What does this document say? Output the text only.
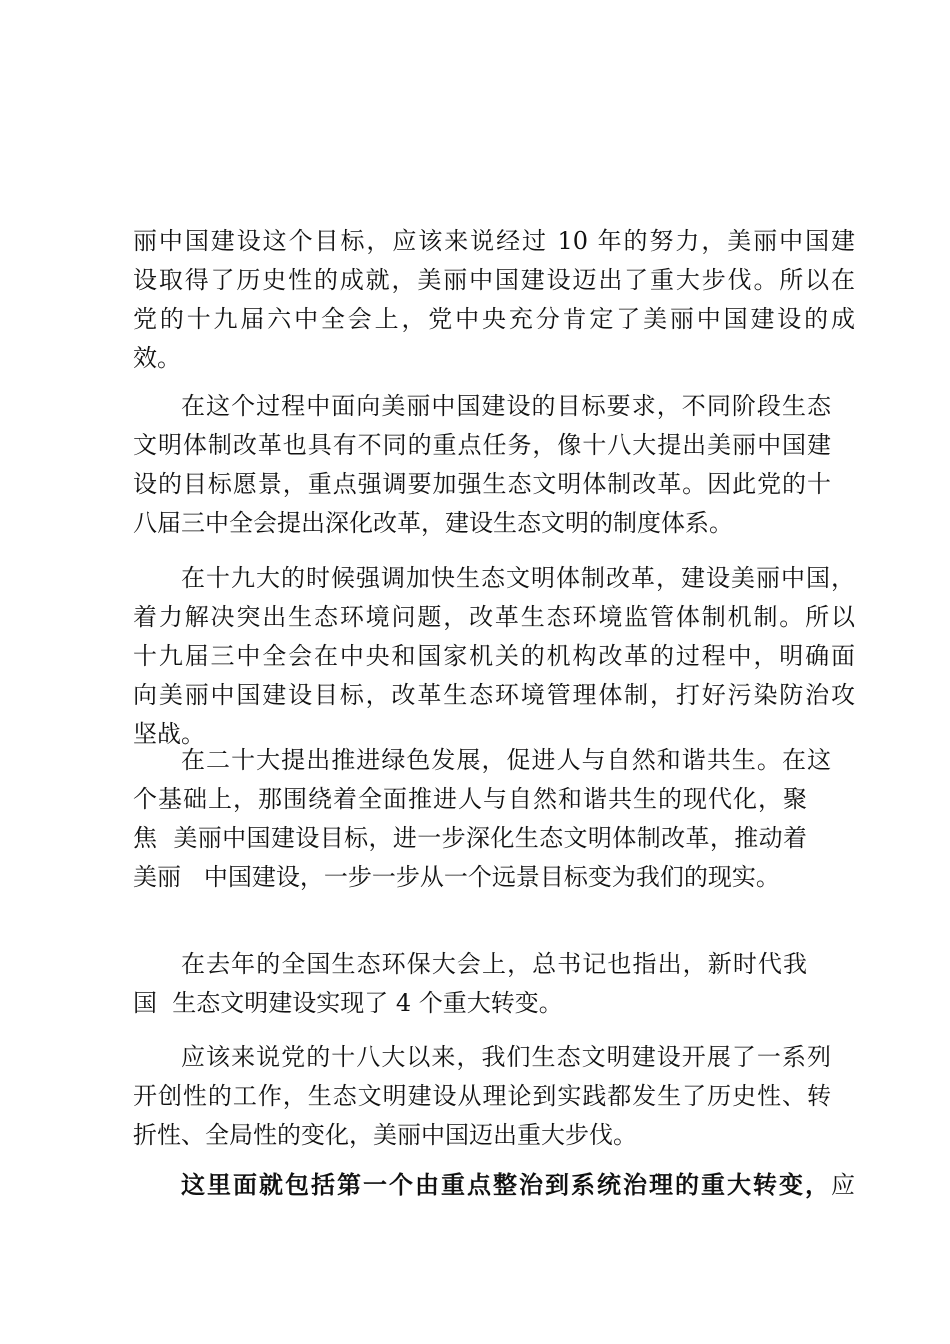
丽中国建设这个目标，应该来说经过 10 年的努力，美丽中国建
设取得了历史性的成就，美丽中国建设迈出了重大步伐。所以在
党的十九届六中全会上，党中央充分肯定了美丽中国建设的成
效。
在这个过程中面向美丽中国建设的目标要求，不同阶段生态
文明体制改革也具有不同的重点任务，像十八大提出美丽中国建
设的目标愿景，重点强调要加强生态文明体制改革。因此党的十
八届三中全会提出深化改革，建设生态文明的制度体系。
在十九大的时候强调加快生态文明体制改革，建设美丽中国，
着力解决突出生态环境问题，改革生态环境监管体制机制。所以
十九届三中全会在中央和国家机关的机构改革的过程中，明确面
向美丽中国建设目标，改革生态环境管理体制，打好污染防治攻
坚战。
在二十大提出推进绿色发展，促进人与自然和谐共生。在这
个基础上，那围绕着全面推进人与自然和谐共生的现代化，聚
焦  美丽中国建设目标，进一步深化生态文明体制改革，推动着
美丽   中国建设，一步一步从一个远景目标变为我们的现实。
在去年的全国生态环保大会上，总书记也指出，新时代我
国  生态文明建设实现了 4 个重大转变。
应该来说党的十八大以来，我们生态文明建设开展了一系列
开创性的工作，生态文明建设从理论到实践都发生了历史性、转
折性、全局性的变化，美丽中国迈出重大步伐。
这里面就包括第一个由重点整治到系统治理的重大转变，应
